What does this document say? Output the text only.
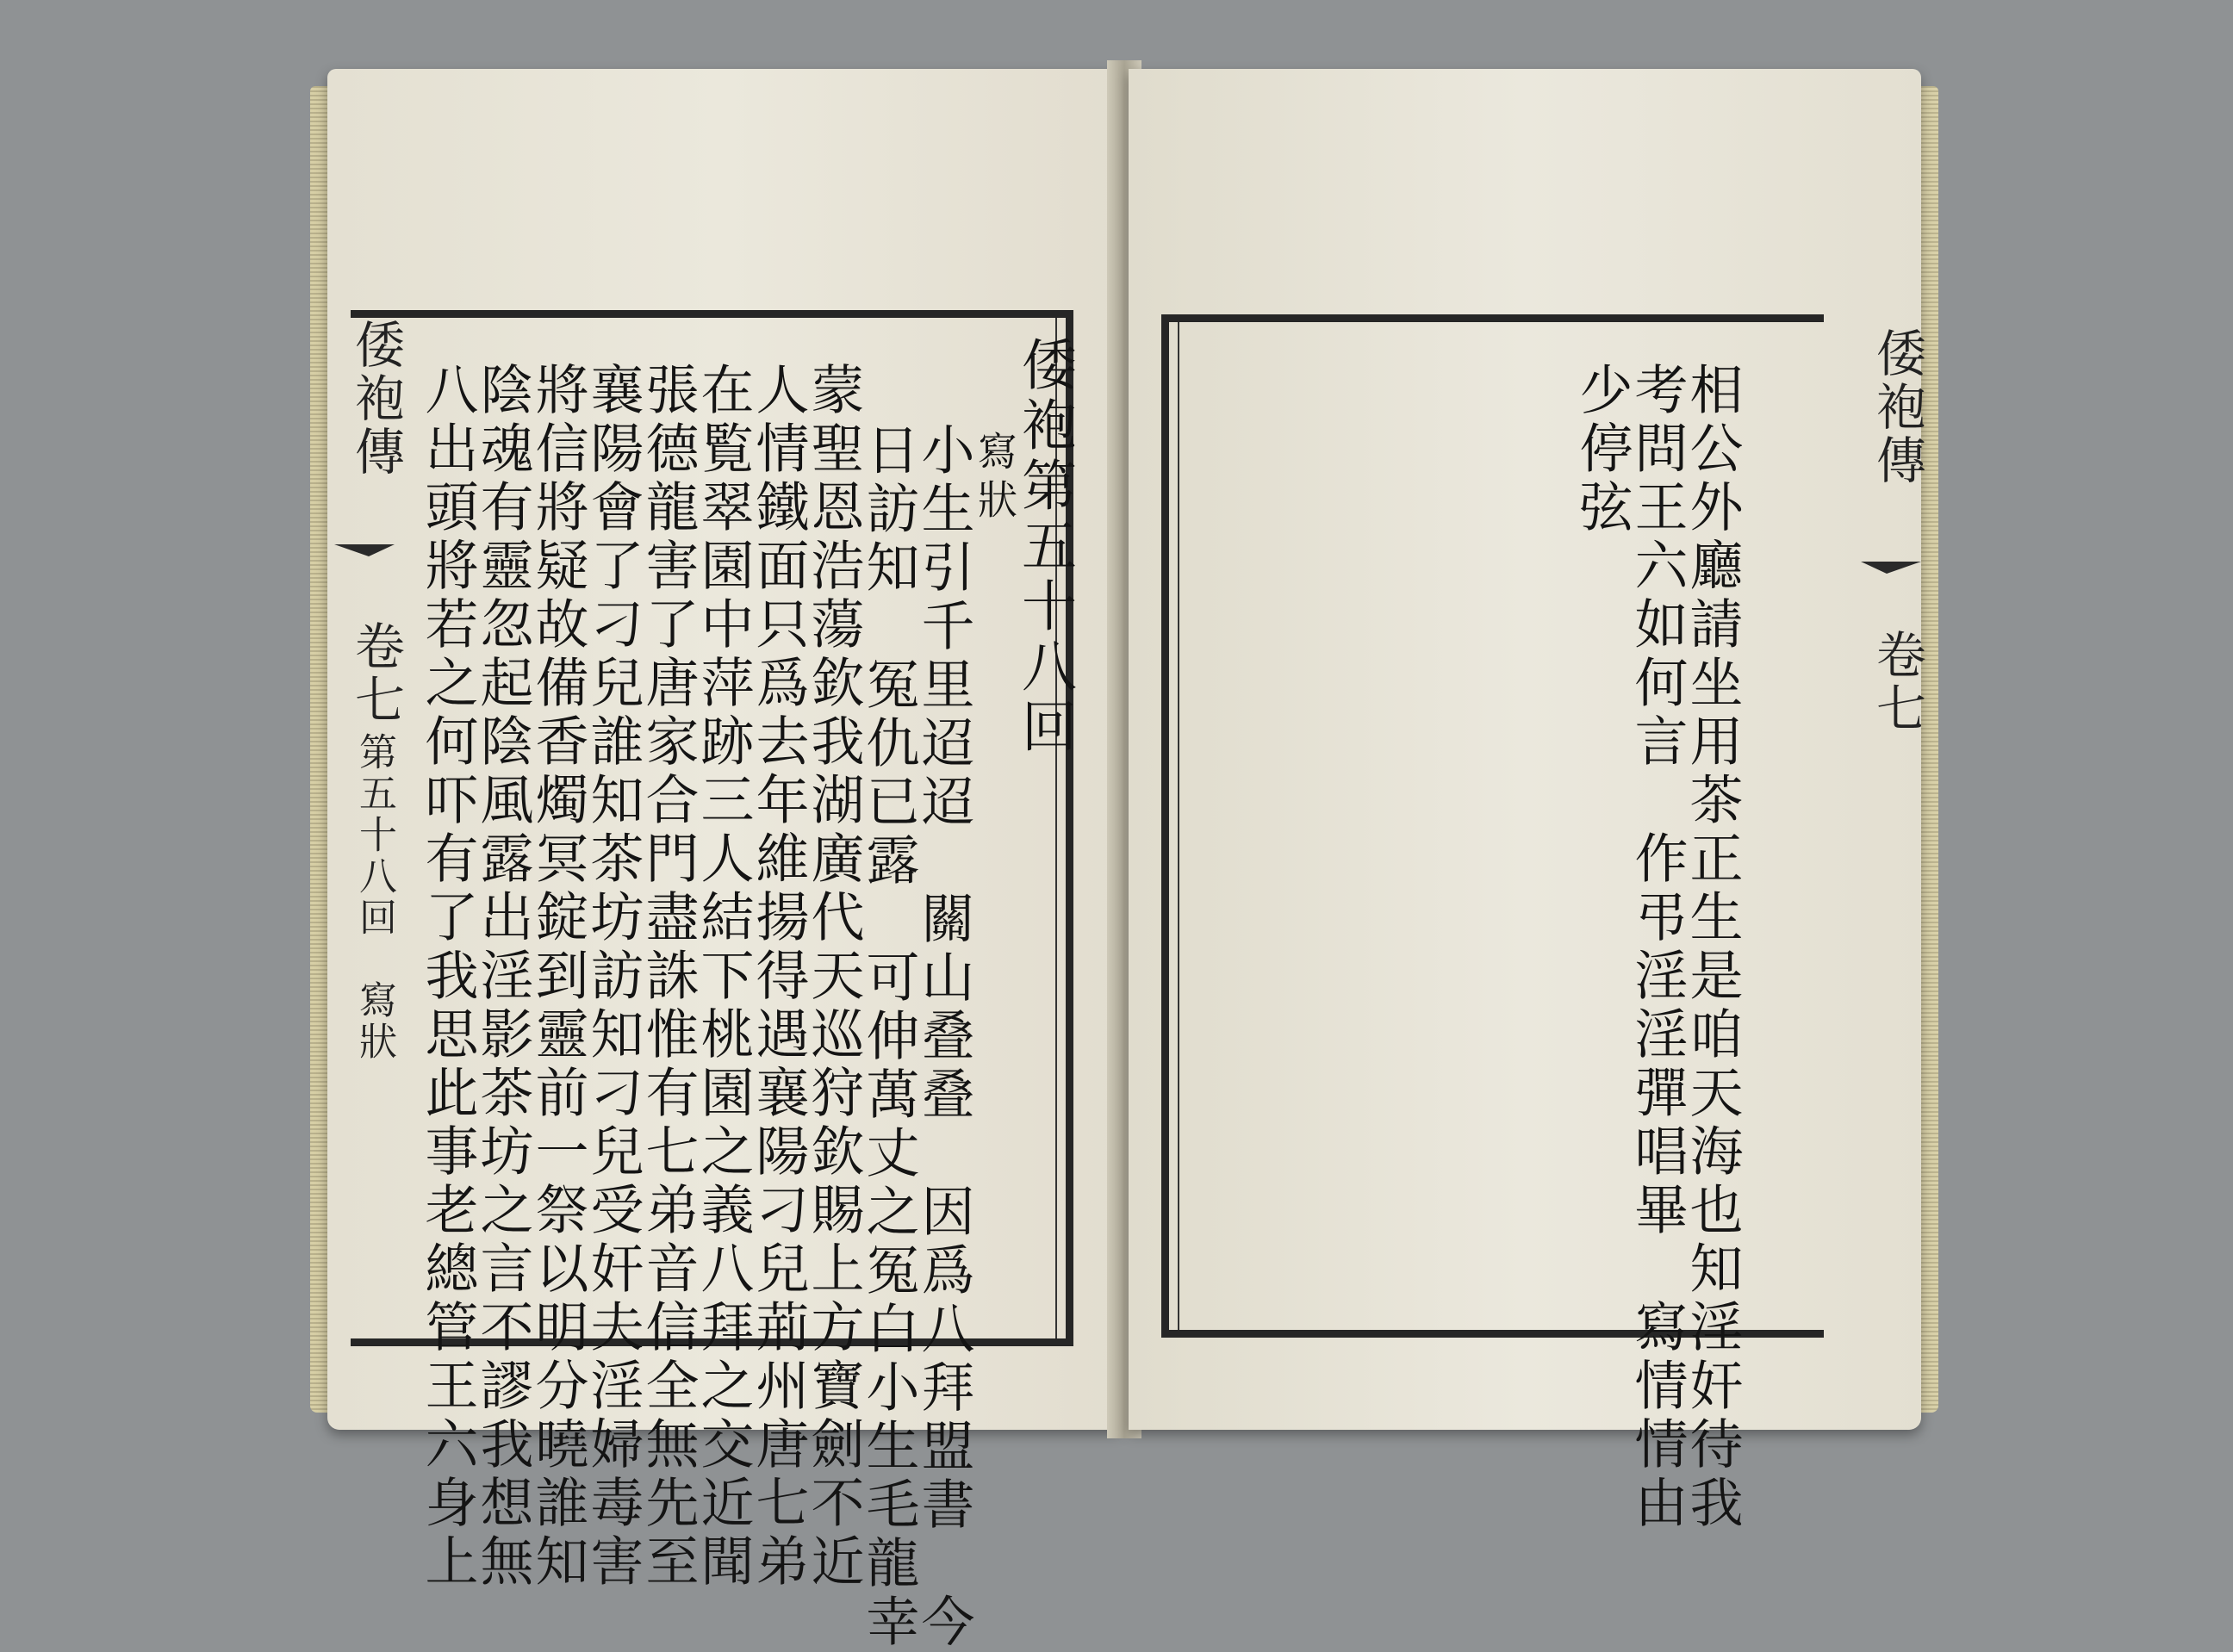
倭袍傳
卷七
第五十八回　寫狀
倭袍第五十八回
寫狀
小生引千里迢迢　關山叠叠　因爲八拜盟書　今
日訪知　冤仇已露　可伸萬丈之冤白小生毛龍幸
蒙聖恩浩蕩欽我湖廣代天巡狩欽賜上方寶劍不近
人情鐵面只爲去年維揚得遇襄陽刁兒荊州唐七弟
在覧翠園中萍跡三人結下桃園之義八拜之交近聞
張德龍害了唐家合門盡誅惟有七弟音信全無先至
襄陽會了刁兒誰知茶坊訪知刁兒受奸夫淫婦毒害
將信將疑故備香燭冥錠到靈前一祭以明分曉誰知
陰魂有靈忽起陰風露出淫影茶坊之言不謬我想無
八出頭將若之何吓有了我思此事老總管王六身上	相公外廳請坐用茶正生是咱天海也知淫奸待我
考問王六如何言　作弔淫淫彈唱畢　寫情情由
少停弦	倭袍傳
卷七
